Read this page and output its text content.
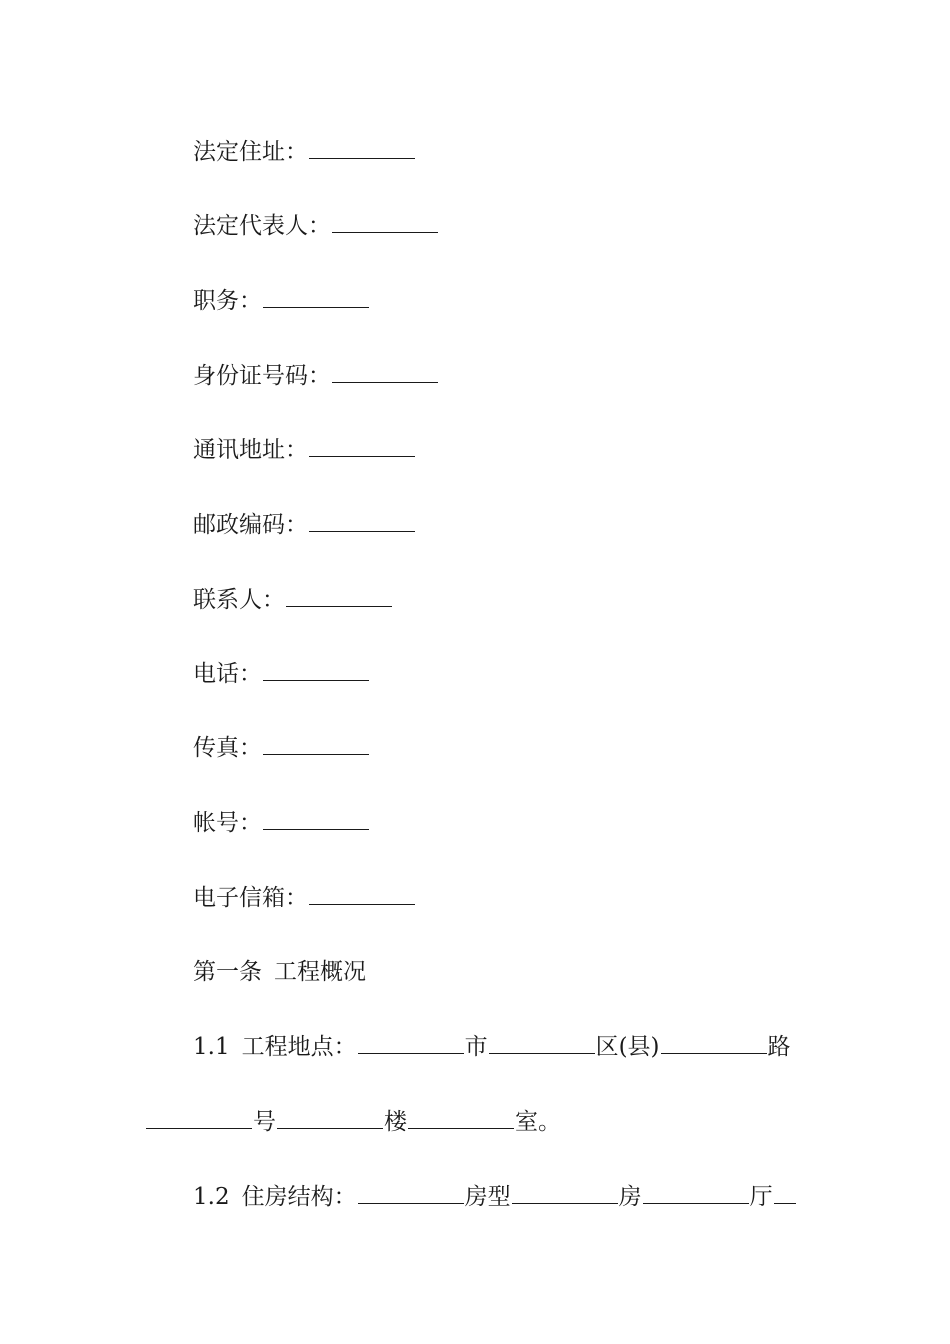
法定住址：
法定代表人：
职务：
身份证号码：
通讯地址：
邮政编码：
联系人：
电话：
传真：
帐号：
电子信箱：
第一条 工程概况
1.1 工程地点：	市	区(县)	路
号	楼	室。
1.2 住房结构：	房型	房	厅
